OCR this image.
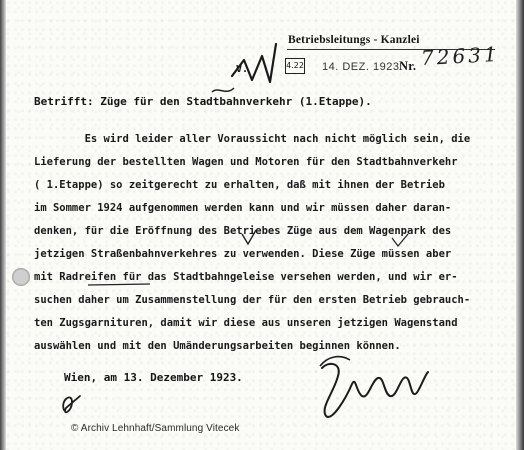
Betriebsleitungs - Kanzlei
14. DEZ. 1923 Nr. 72631
4.22
V.
Betrifft: Züge für den Stadtbahnverkehr (1.Etappe).
Es wird leider aller Voraussicht nach nicht möglich sein, die
Lieferung der bestellten Wagen und Motoren für den Stadtbahnverkehr
( 1.Etappe) so zeitgerecht zu erhalten, daß mit ihnen der Betrieb
im Sommer 1924 aufgenommen werden kann und wir müssen daher daran-
denken, für die Eröffnung des Betriebes Züge aus dem Wagenpark des
jetzigen Straßenbahnverkehres zu verwenden. Diese Züge müssen aber
mit Radreifen für das Stadtbahngeleise versehen werden, und wir er-
suchen daher um Zusammenstellung der für den ersten Betrieb gebrauch-
ten Zugsgarnituren, damit wir diese aus unseren jetzigen Wagenstand
auswählen und mit den Umänderungsarbeiten beginnen können.
Wien, am 13. Dezember 1923.
© Archiv Lehnhaft/Sammlung Vitecek
